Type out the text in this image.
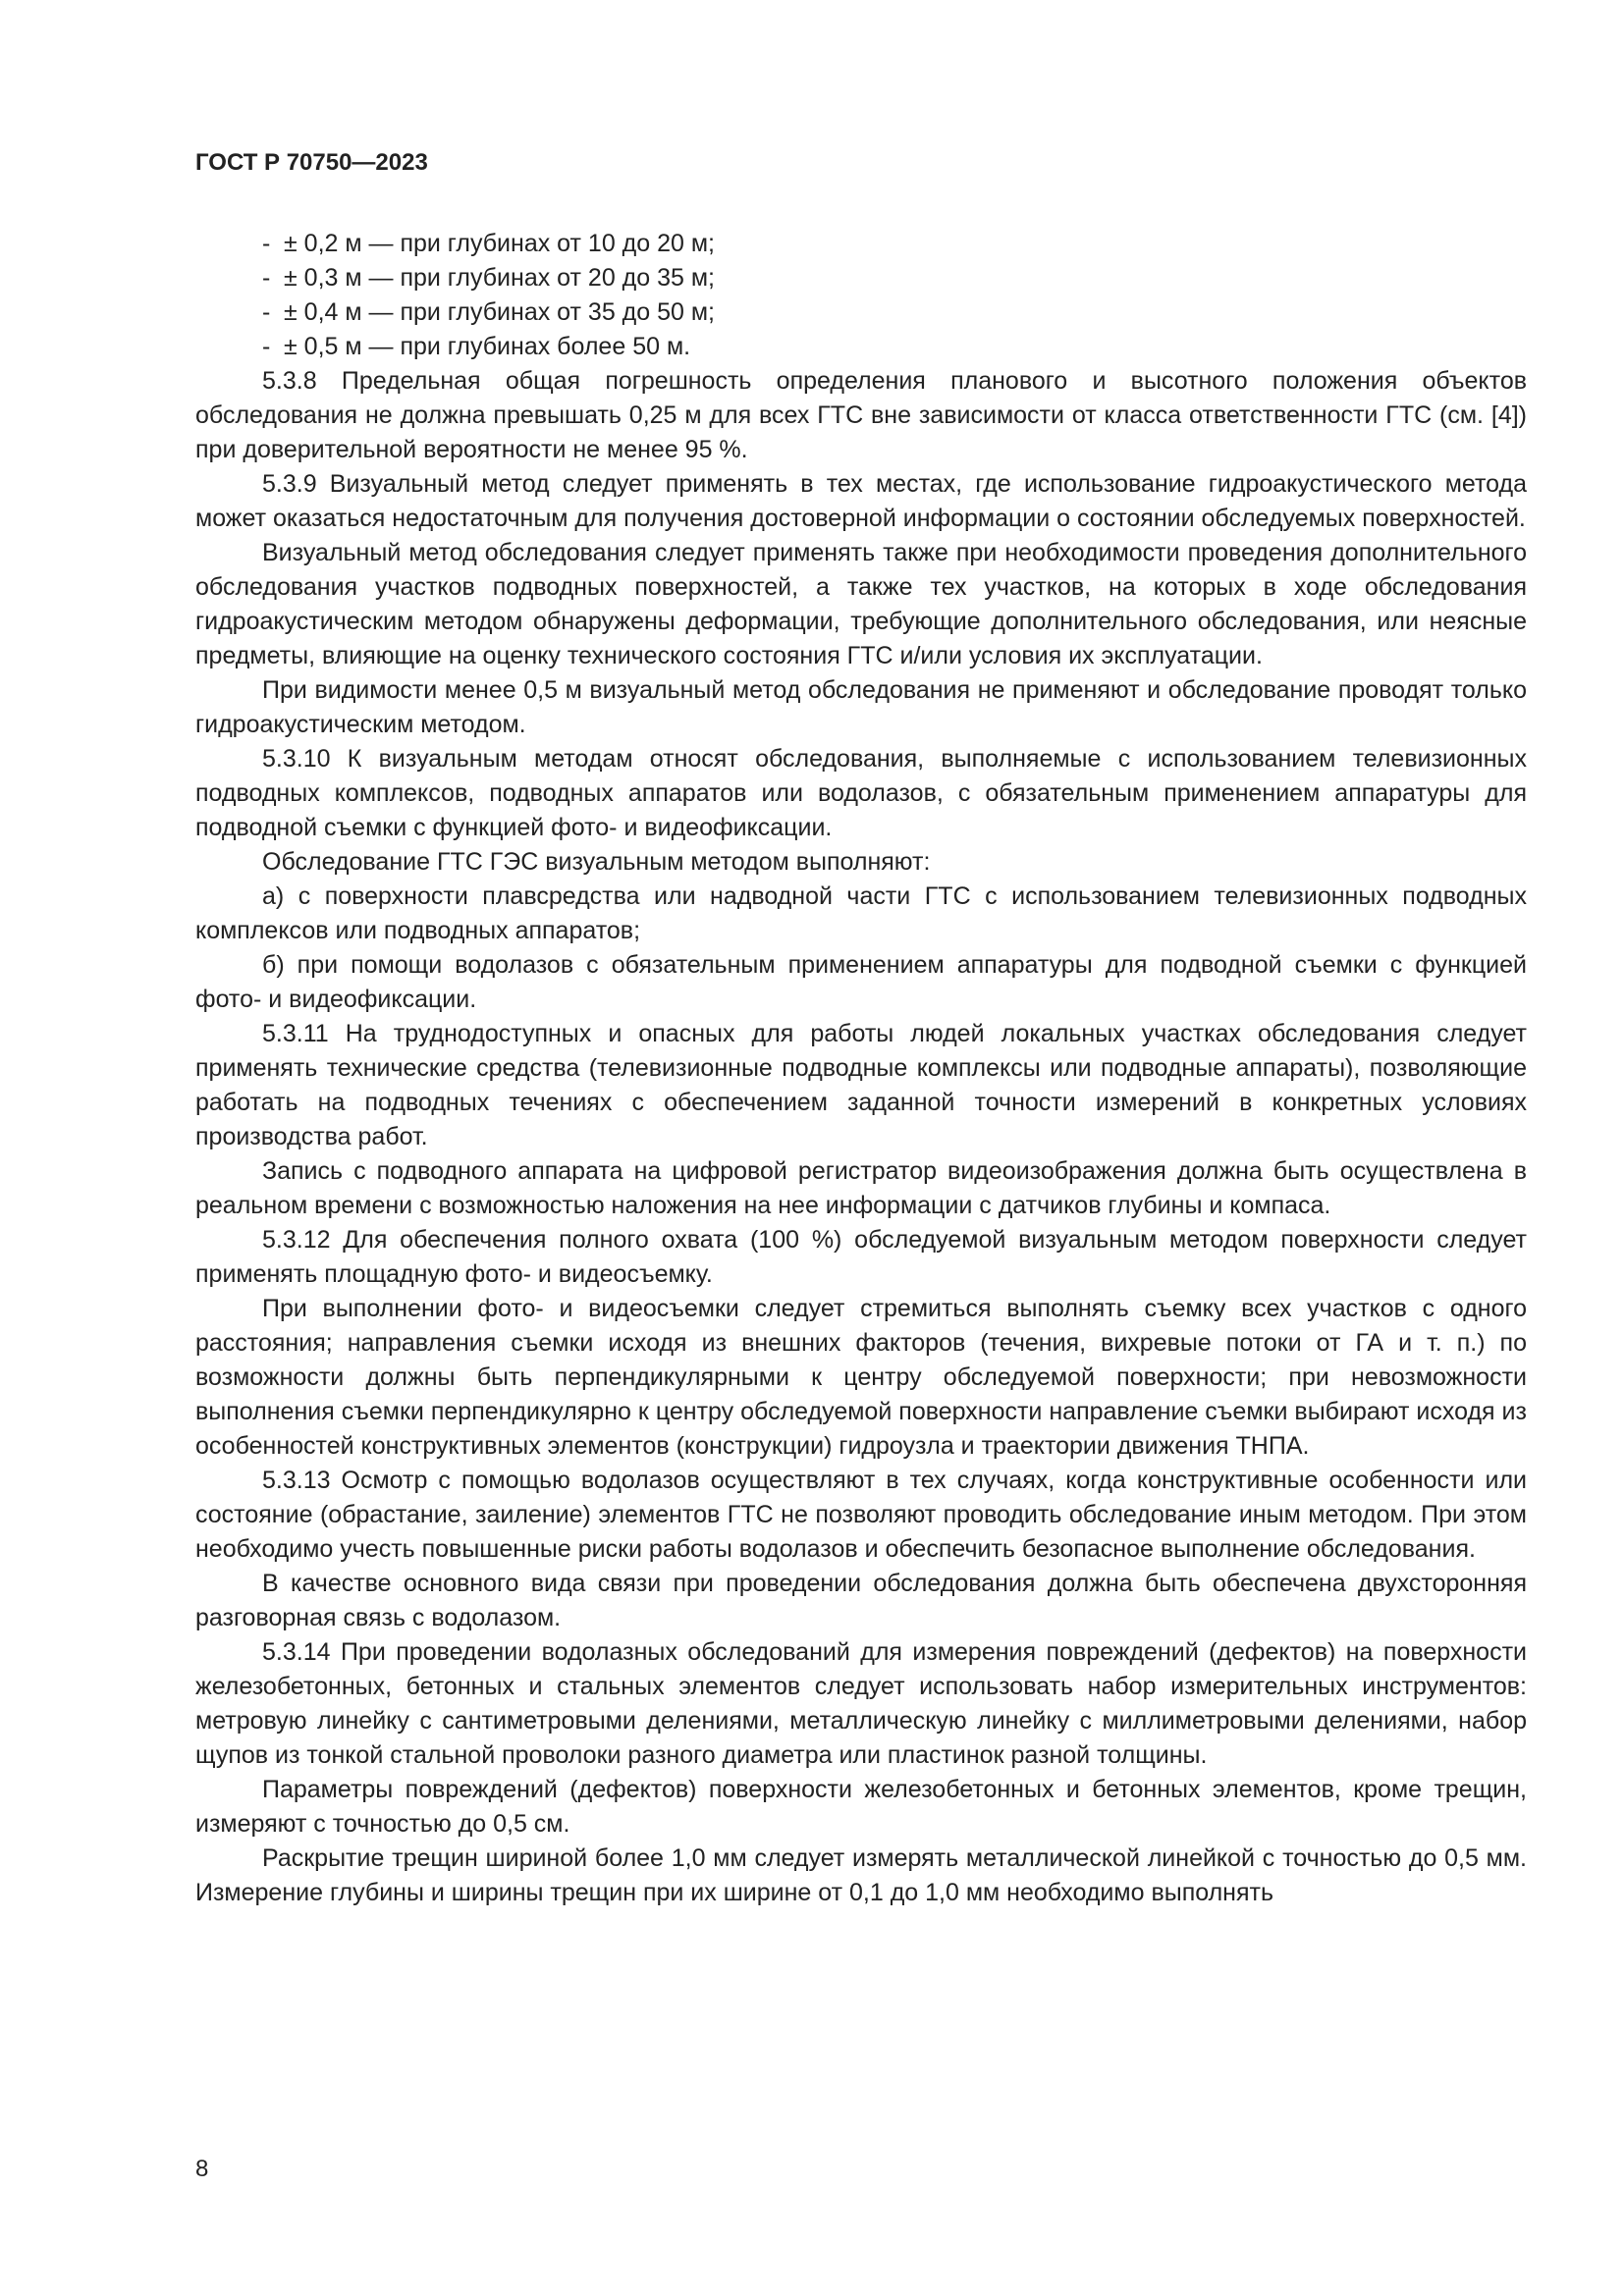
ГОСТ Р 70750—2023
- ± 0,2 м — при глубинах от 10 до 20 м;
- ± 0,3 м — при глубинах от 20 до 35 м;
- ± 0,4 м — при глубинах от 35 до 50 м;
- ± 0,5 м — при глубинах более 50 м.

5.3.8 Предельная общая погрешность определения планового и высотного положения объектов обследования не должна превышать 0,25 м для всех ГТС вне зависимости от класса ответственности ГТС (см. [4]) при доверительной вероятности не менее 95 %.

5.3.9 Визуальный метод следует применять в тех местах, где использование гидроакустического метода может оказаться недостаточным для получения достоверной информации о состоянии обследуемых поверхностей.

Визуальный метод обследования следует применять также при необходимости проведения дополнительного обследования участков подводных поверхностей, а также тех участков, на которых в ходе обследования гидроакустическим методом обнаружены деформации, требующие дополнительного обследования, или неясные предметы, влияющие на оценку технического состояния ГТС и/или условия их эксплуатации.

При видимости менее 0,5 м визуальный метод обследования не применяют и обследование проводят только гидроакустическим методом.

5.3.10 К визуальным методам относят обследования, выполняемые с использованием телевизионных подводных комплексов, подводных аппаратов или водолазов, с обязательным применением аппаратуры для подводной съемки с функцией фото- и видеофиксации.

Обследование ГТС ГЭС визуальным методом выполняют:

а) с поверхности плавсредства или надводной части ГТС с использованием телевизионных подводных комплексов или подводных аппаратов;

б) при помощи водолазов с обязательным применением аппаратуры для подводной съемки с функцией фото- и видеофиксации.

5.3.11 На труднодоступных и опасных для работы людей локальных участках обследования следует применять технические средства (телевизионные подводные комплексы или подводные аппараты), позволяющие работать на подводных течениях с обеспечением заданной точности измерений в конкретных условиях производства работ.

Запись с подводного аппарата на цифровой регистратор видеоизображения должна быть осуществлена в реальном времени с возможностью наложения на нее информации с датчиков глубины и компаса.

5.3.12 Для обеспечения полного охвата (100 %) обследуемой визуальным методом поверхности следует применять площадную фото- и видеосъемку.

При выполнении фото- и видеосъемки следует стремиться выполнять съемку всех участков с одного расстояния; направления съемки исходя из внешних факторов (течения, вихревые потоки от ГА и т. п.) по возможности должны быть перпендикулярными к центру обследуемой поверхности; при невозможности выполнения съемки перпендикулярно к центру обследуемой поверхности направление съемки выбирают исходя из особенностей конструктивных элементов (конструкции) гидроузла и траектории движения ТНПА.

5.3.13 Осмотр с помощью водолазов осуществляют в тех случаях, когда конструктивные особенности или состояние (обрастание, заиление) элементов ГТС не позволяют проводить обследование иным методом. При этом необходимо учесть повышенные риски работы водолазов и обеспечить безопасное выполнение обследования.

В качестве основного вида связи при проведении обследования должна быть обеспечена двухсторонняя разговорная связь с водолазом.

5.3.14 При проведении водолазных обследований для измерения повреждений (дефектов) на поверхности железобетонных, бетонных и стальных элементов следует использовать набор измерительных инструментов: метровую линейку с сантиметровыми делениями, металлическую линейку с миллиметровыми делениями, набор щупов из тонкой стальной проволоки разного диаметра или пластинок разной толщины.

Параметры повреждений (дефектов) поверхности железобетонных и бетонных элементов, кроме трещин, измеряют с точностью до 0,5 см.

Раскрытие трещин шириной более 1,0 мм следует измерять металлической линейкой с точностью до 0,5 мм. Измерение глубины и ширины трещин при их ширине от 0,1 до 1,0 мм необходимо выполнять

8
